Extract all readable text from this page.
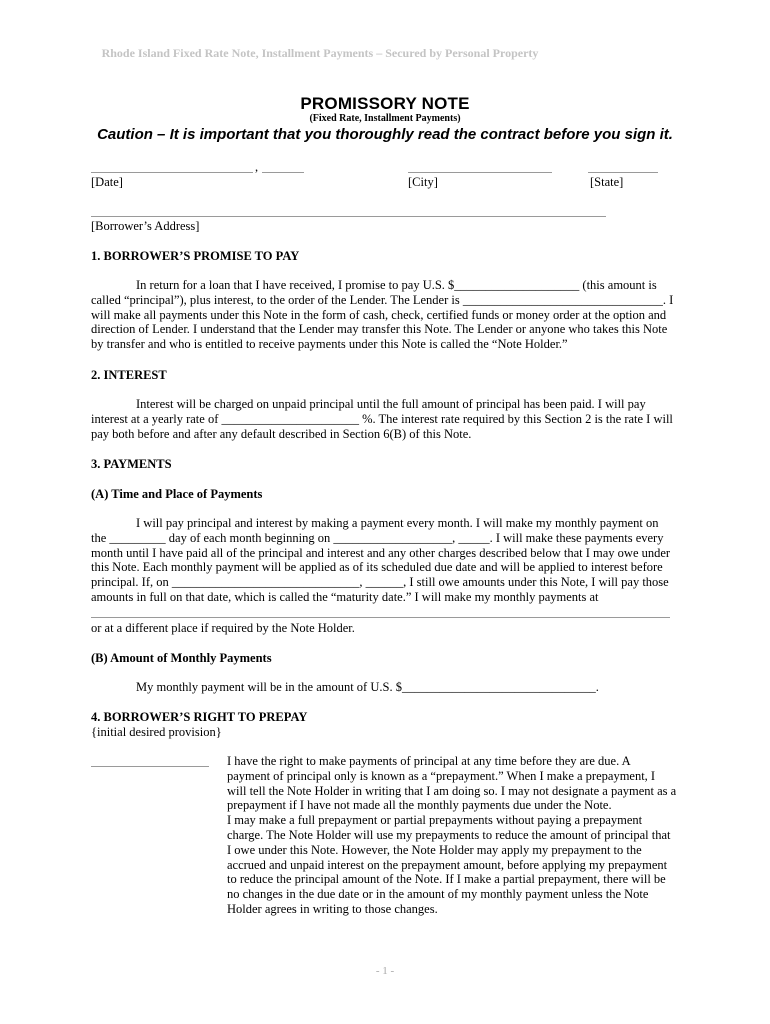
Rhode Island Fixed Rate Note, Installment Payments – Secured by Personal Property
PROMISSORY NOTE
(Fixed Rate, Installment Payments)
Caution – It is important that you thoroughly read the contract before you sign it.
,
[Date]	[City]	[State]
[Borrower’s Address]
1. BORROWER’S PROMISE TO PAY
In return for a loan that I have received, I promise to pay U.S. $____________________ (this amount is
called “principal”), plus interest, to the order of the Lender. The Lender is ________________________________. I
will make all payments under this Note in the form of cash, check, certified funds or money order at the option and
direction of Lender. I understand that the Lender may transfer this Note. The Lender or anyone who takes this Note
by transfer and who is entitled to receive payments under this Note is called the “Note Holder.”
2. INTEREST
Interest will be charged on unpaid principal until the full amount of principal has been paid. I will pay
interest at a yearly rate of ______________________ %. The interest rate required by this Section 2 is the rate I will
pay both before and after any default described in Section 6(B) of this Note.
3. PAYMENTS
(A) Time and Place of Payments
I will pay principal and interest by making a payment every month. I will make my monthly payment on
the _________ day of each month beginning on ___________________, _____. I will make these payments every
month until I have paid all of the principal and interest and any other charges described below that I may owe under
this Note. Each monthly payment will be applied as of its scheduled due date and will be applied to interest before
principal. If, on ______________________________, ______, I still owe amounts under this Note, I will pay those
amounts in full on that date, which is called the “maturity date.” I will make my monthly payments at
or at a different place if required by the Note Holder.
(B) Amount of Monthly Payments
My monthly payment will be in the amount of U.S. $_______________________________.
4. BORROWER’S RIGHT TO PREPAY
{initial desired provision}
I have the right to make payments of principal at any time before they are due. A
payment of principal only is known as a “prepayment.” When I make a prepayment, I
will tell the Note Holder in writing that I am doing so. I may not designate a payment as a
prepayment if I have not made all the monthly payments due under the Note.
I may make a full prepayment or partial prepayments without paying a prepayment
charge. The Note Holder will use my prepayments to reduce the amount of principal that
I owe under this Note. However, the Note Holder may apply my prepayment to the
accrued and unpaid interest on the prepayment amount, before applying my prepayment
to reduce the principal amount of the Note. If I make a partial prepayment, there will be
no changes in the due date or in the amount of my monthly payment unless the Note
Holder agrees in writing to those changes.
- 1 -
